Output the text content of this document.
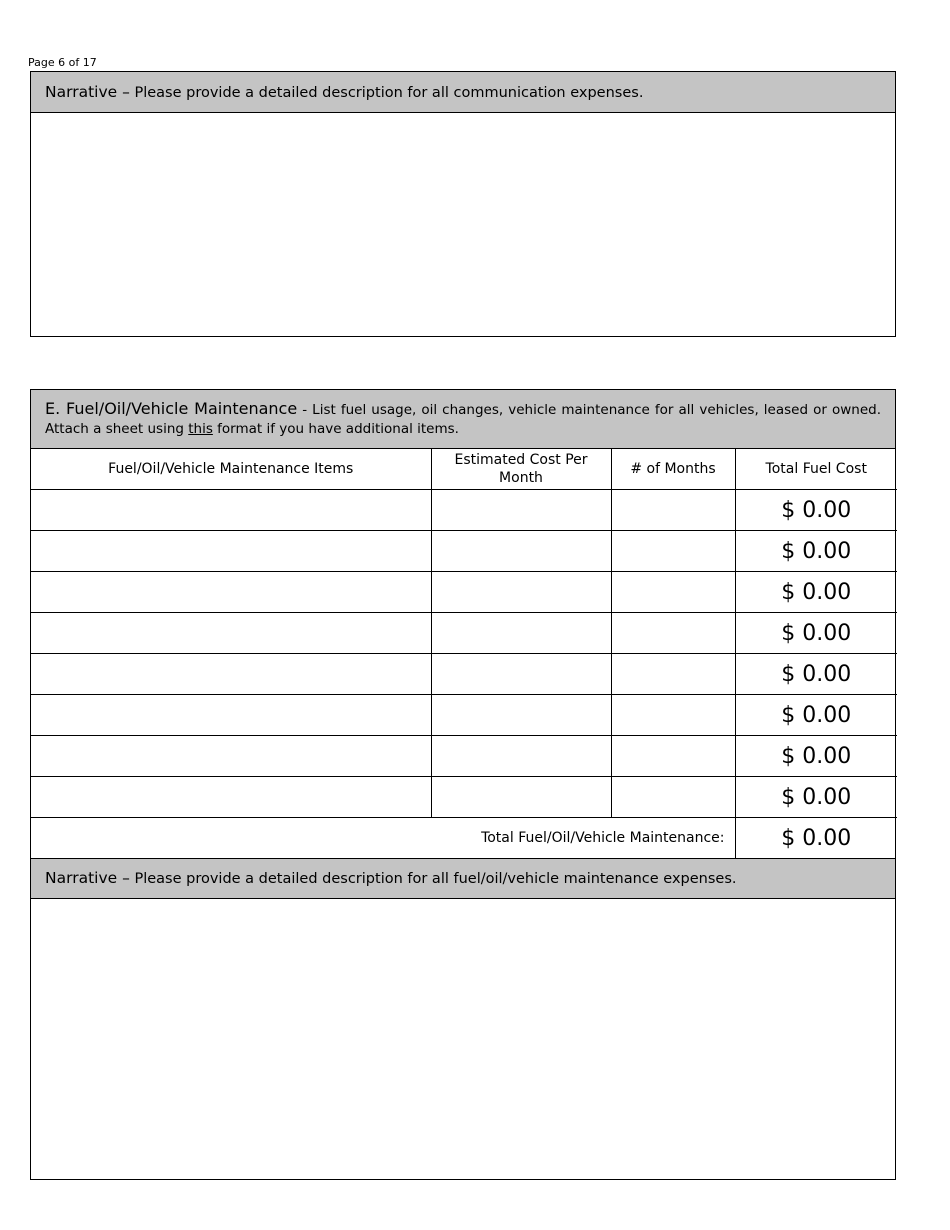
Page 6 of 17
Narrative – Please provide a detailed description for all communication expenses.
E. Fuel/Oil/Vehicle Maintenance - List fuel usage, oil changes, vehicle maintenance for all vehicles, leased or owned. Attach a sheet using this format if you have additional items.
Fuel/Oil/Vehicle Maintenance Items	Estimated Cost Per Month	# of Months	Total Fuel Cost
			$ 0.00
			$ 0.00
			$ 0.00
			$ 0.00
			$ 0.00
			$ 0.00
			$ 0.00
			$ 0.00
Total Fuel/Oil/Vehicle Maintenance:			$ 0.00
Narrative – Please provide a detailed description for all fuel/oil/vehicle maintenance expenses.
